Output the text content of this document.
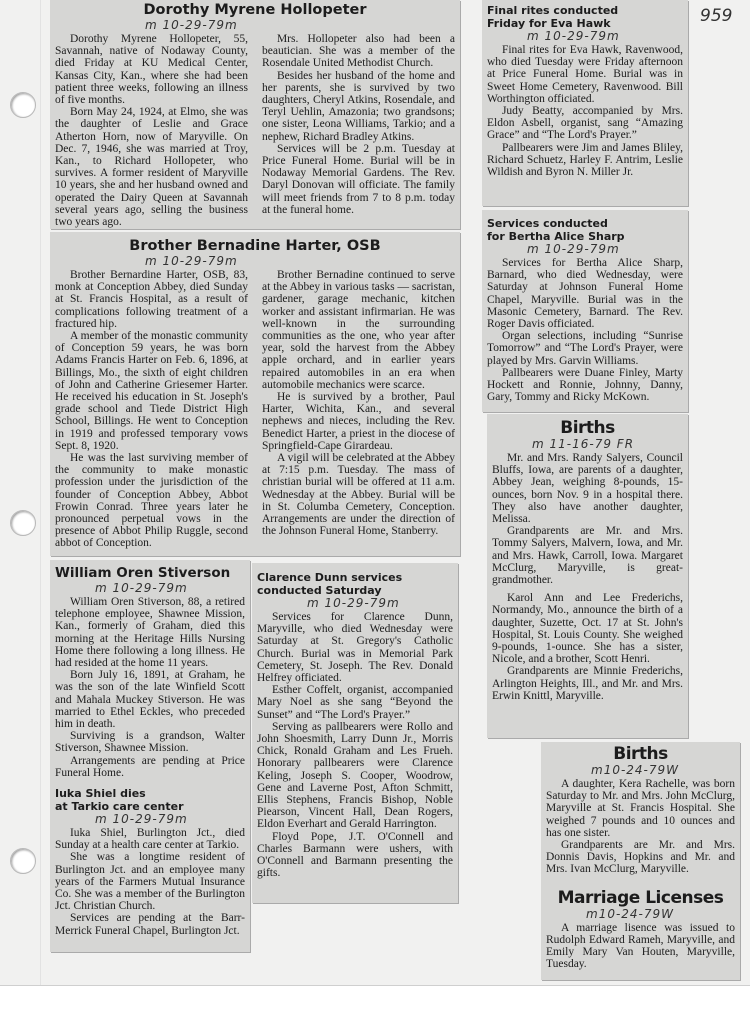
959
Dorothy Myrene Hollopeter
m 10-29-79m

Dorothy Myrene Hollopeter, 55, Savannah, native of Nodaway County, died Friday at KU Medical Center, Kansas City, Kan., where she had been patient three weeks, following an illness of five months.

Born May 24, 1924, at Elmo, she was the daughter of Leslie and Grace Atherton Horn, now of Maryville. On Dec. 7, 1946, she was married at Troy, Kan., to Richard Hollopeter, who survives. A former resident of Maryville 10 years, she and her husband owned and operated the Dairy Queen at Savannah several years ago, selling the business two years ago.

Mrs. Hollopeter also had been a beautician. She was a member of the Rosendale United Methodist Church.

Besides her husband of the home and her parents, she is survived by two daughters, Cheryl Atkins, Rosendale, and Teryl Uehlin, Amazonia; two grandsons; one sister, Leona Williams, Tarkio; and a nephew, Richard Bradley Atkins.

Services will be 2 p.m. Tuesday at Price Funeral Home. Burial will be in Nodaway Memorial Gardens. The Rev. Daryl Donovan will officiate. The family will meet friends from 7 to 8 p.m. today at the funeral home.

Brother Bernadine Harter, OSB
m 10-29-79m

Brother Bernardine Harter, OSB, 83, monk at Conception Abbey, died Sunday at St. Francis Hospital, as a result of complications following treatment of a fractured hip.

A member of the monastic community of Conception 59 years, he was born Adams Francis Harter on Feb. 6, 1896, at Billings, Mo., the sixth of eight children of John and Catherine Griesemer Harter. He received his education in St. Joseph's grade school and Tiede District High School, Billings. He went to Conception in 1919 and professed temporary vows Sept. 8, 1920.

He was the last surviving member of the community to make monastic profession under the jurisdiction of the founder of Conception Abbey, Abbot Frowin Conrad. Three years later he pronounced perpetual vows in the presence of Abbot Philip Ruggle, second abbot of Conception.

Brother Bernadine continued to serve at the Abbey in various tasks — sacristan, gardener, garage mechanic, kitchen worker and assistant infirmarian. He was well-known in the surrounding communities as the one, who year after year, sold the harvest from the Abbey apple orchard, and in earlier years repaired automobiles in an era when automobile mechanics were scarce.

He is survived by a brother, Paul Harter, Wichita, Kan., and several nephews and nieces, including the Rev. Benedict Harter, a priest in the diocese of Springfield-Cape Girardeau.

A vigil will be celebrated at the Abbey at 7:15 p.m. Tuesday. The mass of christian burial will be offered at 11 a.m. Wednesday at the Abbey. Burial will be in St. Columba Cemetery, Conception. Arrangements are under the direction of the Johnson Funeral Home, Stanberry.

William Oren Stiverson
m 10-29-79m

William Oren Stiverson, 88, a retired telephone employee, Shawnee Mission, Kan., formerly of Graham, died this morning at the Heritage Hills Nursing Home there following a long illness. He had resided at the home 11 years.

Born July 16, 1891, at Graham, he was the son of the late Winfield Scott and Mahala Muckey Stiverson. He was married to Ethel Eckles, who preceded him in death.

Surviving is a grandson, Walter Stiverson, Shawnee Mission.

Arrangements are pending at Price Funeral Home.

Iuka Shiel dies
at Tarkio care center
m 10-29-79m

Iuka Shiel, Burlington Jct., died Sunday at a health care center at Tarkio.

She was a longtime resident of Burlington Jct. and an employee many years of the Farmers Mutual Insurance Co. She was a member of the Burlington Jct. Christian Church.

Services are pending at the Barr-Merrick Funeral Chapel, Burlington Jct.

Clarence Dunn services
conducted Saturday
m 10-29-79m

Services for Clarence Dunn, Maryville, who died Wednesday were Saturday at St. Gregory's Catholic Church. Burial was in Memorial Park Cemetery, St. Joseph. The Rev. Donald Helfrey officiated.

Esther Coffelt, organist, accompanied Mary Noel as she sang “Beyond the Sunset” and “The Lord's Prayer.”

Serving as pallbearers were Rollo and John Shoesmith, Larry Dunn Jr., Morris Chick, Ronald Graham and Les Frueh. Honorary pallbearers were Clarence Keling, Joseph S. Cooper, Woodrow, Gene and Laverne Post, Afton Schmitt, Ellis Stephens, Francis Bishop, Noble Piearson, Vincent Hall, Dean Rogers, Eldon Everhart and Gerald Harrington.

Floyd Pope, J.T. O'Connell and Charles Barmann were ushers, with O'Connell and Barmann presenting the gifts.

Final rites conducted
Friday for Eva Hawk
m 10-29-79m

Final rites for Eva Hawk, Ravenwood, who died Tuesday were Friday afternoon at Price Funeral Home. Burial was in Sweet Home Cemetery, Ravenwood. Bill Worthington officiated.

Judy Beatty, accompanied by Mrs. Eldon Asbell, organist, sang “Amazing Grace” and “The Lord's Prayer.”

Pallbearers were Jim and James Bliley, Richard Schuetz, Harley F. Antrim, Leslie Wildish and Byron N. Miller Jr.

Services conducted
for Bertha Alice Sharp
m 10-29-79m

Services for Bertha Alice Sharp, Barnard, who died Wednesday, were Saturday at Johnson Funeral Home Chapel, Maryville. Burial was in the Masonic Cemetery, Barnard. The Rev. Roger Davis officiated.

Organ selections, including “Sunrise Tomorrow” and “The Lord's Prayer, were played by Mrs. Garvin Williams.

Pallbearers were Duane Finley, Marty Hockett and Ronnie, Johnny, Danny, Gary, Tommy and Ricky McKown.

Births
m 11-16-79 FR

Mr. and Mrs. Randy Salyers, Council Bluffs, Iowa, are parents of a daughter, Abbey Jean, weighing 8-pounds, 15-ounces, born Nov. 9 in a hospital there. They also have another daughter, Melissa.

Grandparents are Mr. and Mrs. Tommy Salyers, Malvern, Iowa, and Mr. and Mrs. Hawk, Carroll, Iowa. Margaret McClurg, Maryville, is great-grandmother.

Karol Ann and Lee Frederichs, Normandy, Mo., announce the birth of a daughter, Suzette, Oct. 17 at St. John's Hospital, St. Louis County. She weighed 9-pounds, 1-ounce. She has a sister, Nicole, and a brother, Scott Henri.

Grandparents are Minnie Frederichs, Arlington Heights, Ill., and Mr. and Mrs. Erwin Knittl, Maryville.

Births
m10-24-79W

A daughter, Kera Rachelle, was born Saturday to Mr. and Mrs. John McClurg, Maryville at St. Francis Hospital. She weighed 7 pounds and 10 ounces and has one sister.

Grandparents are Mr. and Mrs. Donnis Davis, Hopkins and Mr. and Mrs. Ivan McClurg, Maryville.

Marriage Licenses
m10-24-79W

A marriage lisence was issued to Rudolph Edward Rameh, Maryville, and Emily Mary Van Houten, Maryville, Tuesday.
